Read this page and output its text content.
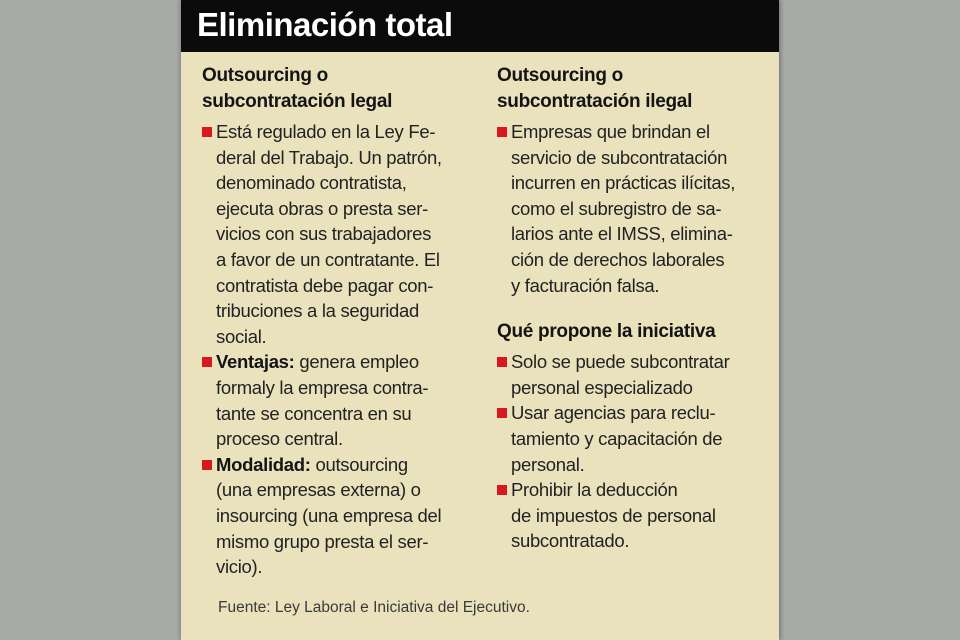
Eliminación total
Outsourcing o
subcontratación legal
Está regulado en la Ley Fe-
deral del Trabajo. Un patrón,
denominado contratista,
ejecuta obras o presta ser-
vicios con sus trabajadores
a favor de un contratante. El
contratista debe pagar con-
tribuciones a la seguridad
social.
Ventajas: genera empleo
formaly la empresa contra-
tante se concentra en su
proceso central.
Modalidad: outsourcing
(una empresas externa) o
insourcing (una empresa del
mismo grupo presta el ser-
vicio).
Outsourcing o
subcontratación ilegal
Empresas que brindan el
servicio de subcontratación
incurren en prácticas ilícitas,
como el subregistro de sa-
larios ante el IMSS, elimina-
ción de derechos laborales
y facturación falsa.
Qué propone la iniciativa
Solo se puede subcontratar
personal especializado
Usar agencias para reclu-
tamiento y capacitación de
personal.
Prohibir la deducción
de impuestos de personal
subcontratado.
Fuente: Ley Laboral e Iniciativa del Ejecutivo.
